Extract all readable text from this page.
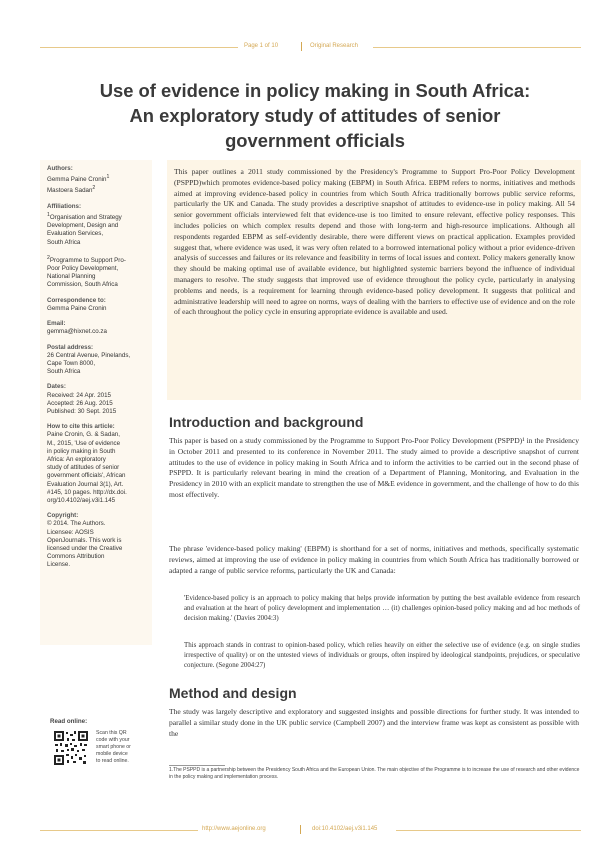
Page 1 of 10	Original Research
Use of evidence in policy making in South Africa:
An exploratory study of attitudes of senior
government officials
Authors:
Gemma Paine Cronin$^1$
Mastoera Sadan$^2$
Affiliations:
$^1$Organisation and Strategy
Development, Design and
Evaluation Services,
South Africa
$^2$Programme to Support Pro-
Poor Policy Development,
National Planning
Commission, South Africa
Correspondence to:
Gemma Paine Cronin
Email:
gemma@hixnet.co.za
Postal address:
26 Central Avenue, Pinelands,
Cape Town 8000,
South Africa
Dates:
Received: 24 Apr. 2015
Accepted: 26 Aug. 2015
Published: 30 Sept. 2015
How to cite this article:
Paine Cronin, G. & Sadan,
M., 2015, 'Use of evidence
in policy making in South
Africa: An exploratory
study of attitudes of senior
government officials', African
Evaluation Journal 3(1), Art.
#145, 10 pages. http://dx.doi.
org/10.4102/aej.v3i1.145
Copyright:
© 2014. The Authors.
Licensee: AOSIS
OpenJournals. This work is
licensed under the Creative
Commons Attribution
License.
This paper outlines a 2011 study commissioned by the Presidency's Programme to Support Pro-Poor Policy Development (PSPPD)which promotes evidence-based policy making (EBPM) in South Africa. EBPM refers to norms, initiatives and methods aimed at improving evidence-based policy in countries from which South Africa traditionally borrows public service reforms, particularly the UK and Canada. The study provides a descriptive snapshot of attitudes to evidence-use in policy making. All 54 senior government officials interviewed felt that evidence-use is too limited to ensure relevant, effective policy responses. This includes policies on which complex results depend and those with long-term and high-resource implications. Although all respondents regarded EBPM as self-evidently desirable, there were different views on practical application. Examples provided suggest that, where evidence was used, it was very often related to a borrowed international policy without a prior evidence-driven analysis of successes and failures or its relevance and feasibility in terms of local issues and context. Policy makers generally know they should be making optimal use of available evidence, but highlighted systemic barriers beyond the influence of individual managers to resolve. The study suggests that improved use of evidence throughout the policy cycle, particularly in analysing problems and needs, is a requirement for learning through evidence-based policy development. It suggests that political and administrative leadership will need to agree on norms, ways of dealing with the barriers to effective use of evidence and on the role of each throughout the policy cycle in ensuring appropriate evidence is available and used.
Introduction and background
This paper is based on a study commissioned by the Programme to Support Pro-Poor Policy Development (PSPPD)¹ in the Presidency in October 2011 and presented to its conference in November 2011. The study aimed to provide a descriptive snapshot of current attitudes to the use of evidence in policy making in South Africa and to inform the activities to be carried out in the second phase of PSPPD. It is particularly relevant bearing in mind the creation of a Department of Planning, Monitoring, and Evaluation in the Presidency in 2010 with an explicit mandate to strengthen the use of M&E evidence in government, and the challenge of how to do this most effectively.
The phrase 'evidence-based policy making' (EBPM) is shorthand for a set of norms, initiatives and methods, specifically systematic reviews, aimed at improving the use of evidence in policy making in countries from which South Africa has traditionally borrowed or adapted a range of public service reforms, particularly the UK and Canada:
'Evidence-based policy is an approach to policy making that helps provide information by putting the best available evidence from research and evaluation at the heart of policy development and implementation … (it) challenges opinion-based policy making and ad hoc methods of decision making.' (Davies 2004:3)
This approach stands in contrast to opinion-based policy, which relies heavily on either the selective use of evidence (e.g. on single studies irrespective of quality) or on the untested views of individuals or groups, often inspired by ideological standpoints, prejudices, or speculative conjecture. (Segone 2004:27)
Method and design
The study was largely descriptive and exploratory and suggested insights and possible directions for further study. It was intended to parallel a similar study done in the UK public service (Campbell 2007) and the interview frame was kept as consistent as possible with the
1.The PSPPD is a partnership between the Presidency South Africa and the European Union. The main objective of the Programme is to increase the use of research and other evidence in the policy making and implementation process.
Read online:
Scan this QR
code with your
smart phone or
mobile device
to read online.
http://www.aejonline.org	doi:10.4102/aej.v3i1.145
